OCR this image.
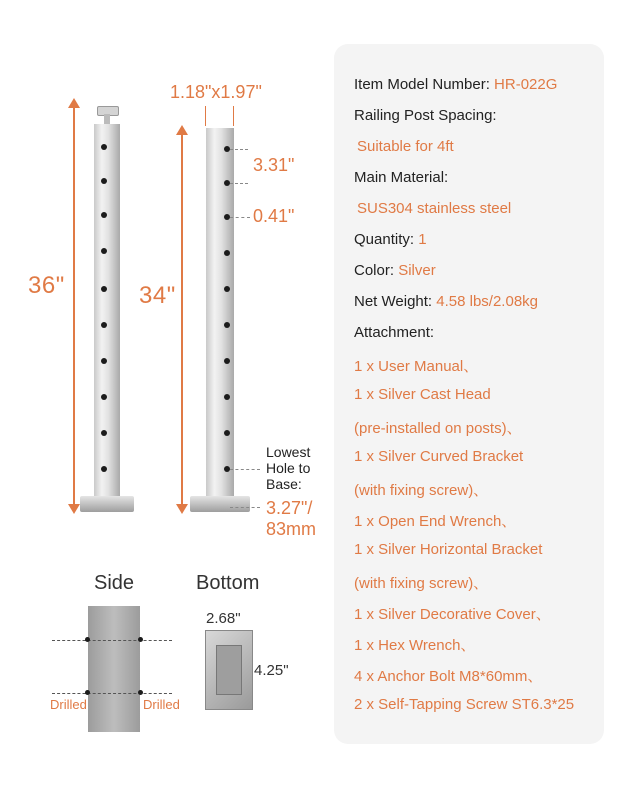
36"	34"
1.18"x1.97"
3.31"
0.41"
Lowest Hole to Base:
3.27"/
83mm
Side
Drilled	Drilled
Bottom
2.68"
4.25"
Item Model Number: HR-022G
Railing Post Spacing:
Suitable for 4ft
Main Material:
SUS304 stainless steel
Quantity: 1
Color: Silver
Net Weight: 4.58 lbs/2.08kg
Attachment:
1 x User Manual、
1 x Silver Cast Head
(pre-installed on posts)、
1 x Silver Curved Bracket
(with fixing screw)、
1 x Open End Wrench、
1 x Silver Horizontal Bracket
(with fixing screw)、
1 x Silver Decorative Cover、
1 x Hex Wrench、
4 x Anchor Bolt M8*60mm、
2 x Self-Tapping Screw ST6.3*25
